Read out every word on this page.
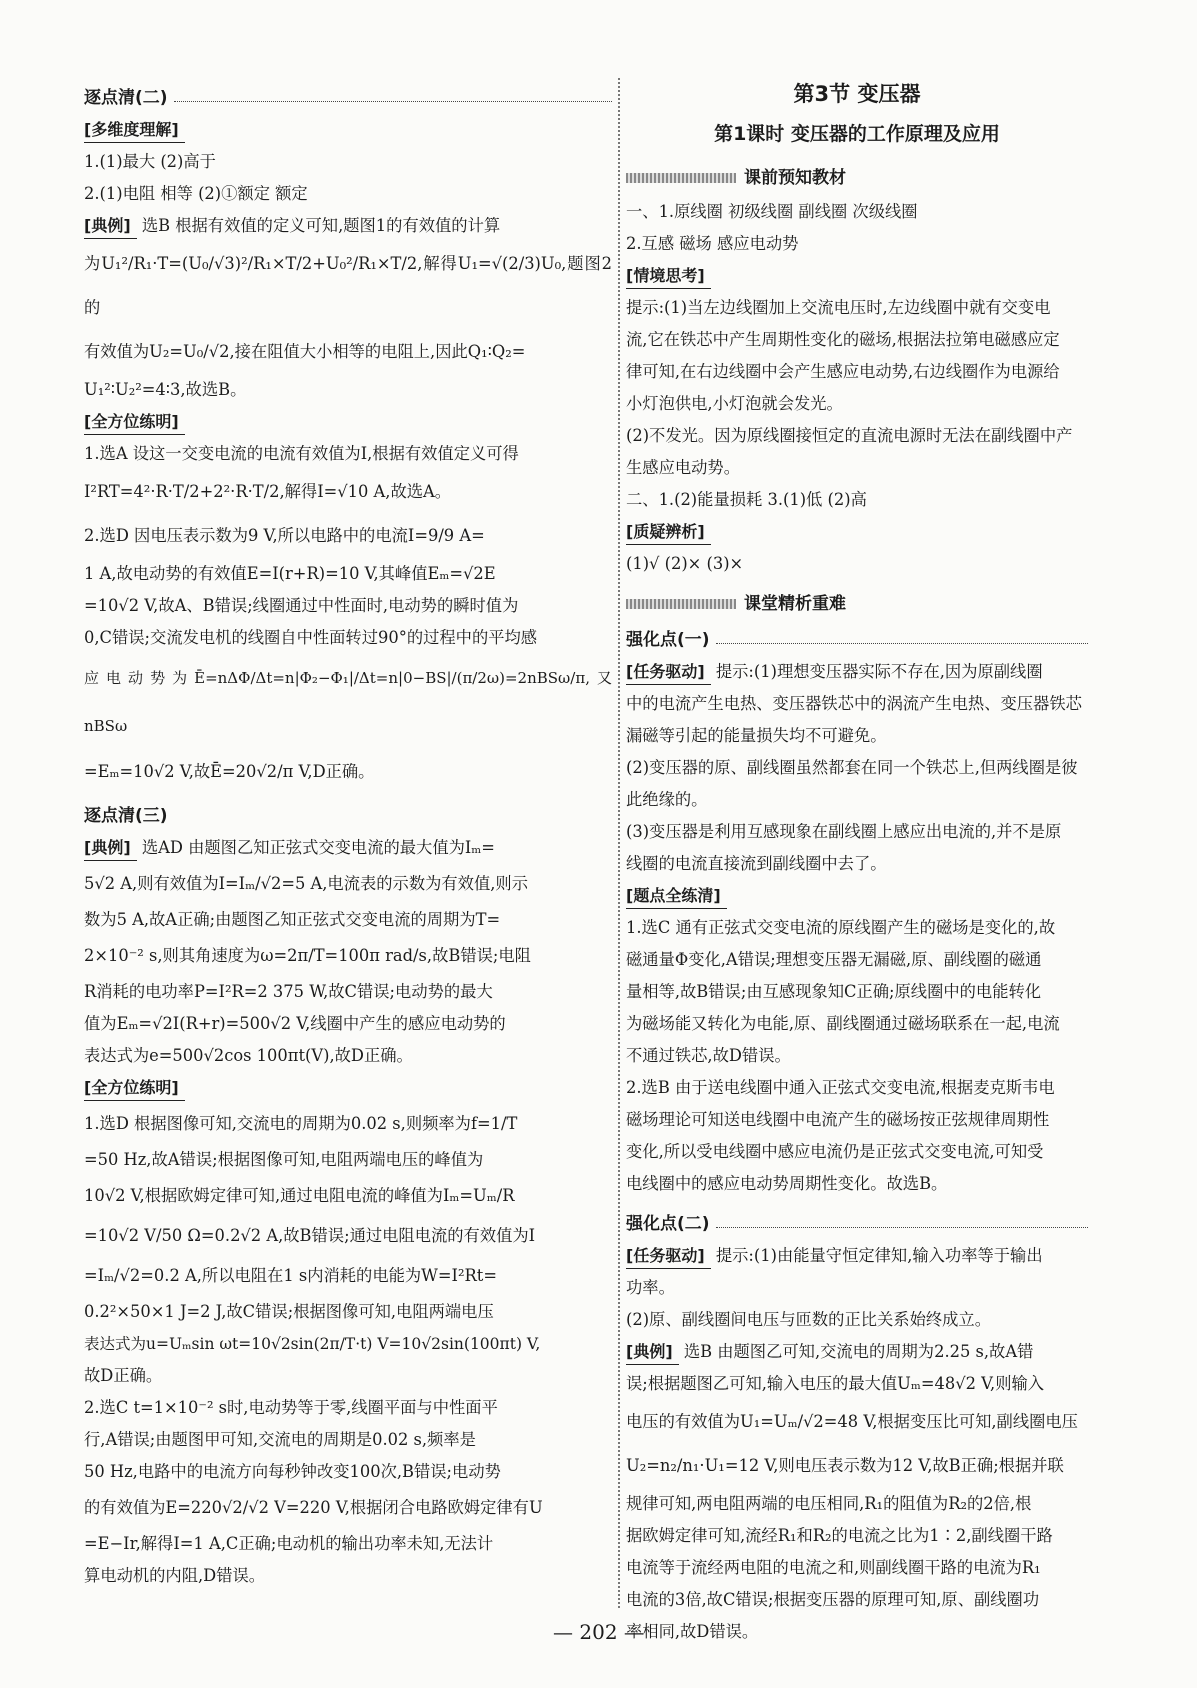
逐点清(二)
[ 多维度理解 ]

1.(1)最大 (2)高于

2.(1)电阻 相等 (2)①额定 额定

[ 典例 ] 选B 根据有效值的定义可知,题图1的有效值的计算

为U₁²/R₁·T=(U₀/√3)²/R₁×T/2+U₀²/R₁×T/2,解得U₁=√(2/3)U₀,题图2的

有效值为U₂=U₀/√2,接在阻值大小相等的电阻上,因此Q₁∶Q₂=

U₁²∶U₂²=4∶3,故选B。

[ 全方位练明 ]

1.选A 设这一交变电流的电流有效值为I,根据有效值定义可得

I²RT=4²·R·T/2+2²·R·T/2,解得I=√10 A,故选A。

2.选D 因电压表示数为9 V,所以电路中的电流I=9/9 A=

1 A,故电动势的有效值E=I(r+R)=10 V,其峰值Eₘ=√2E

=10√2 V,故A、B错误;线圈通过中性面时,电动势的瞬时值为

0,C错误;交流发电机的线圈自中性面转过90°的过程中的平均感

应电动势为Ē=nΔΦ/Δt=n|Φ₂−Φ₁|/Δt=n|0−BS|/(π/2ω)=2nBSω/π,又nBSω

=Eₘ=10√2 V,故Ē=20√2/π V,D正确。

逐点清(三)

[ 典例 ] 选AD 由题图乙知正弦式交变电流的最大值为Iₘ=

5√2 A,则有效值为I=Iₘ/√2=5 A,电流表的示数为有效值,则示

数为5 A,故A正确;由题图乙知正弦式交变电流的周期为T=

2×10⁻² s,则其角速度为ω=2π/T=100π rad/s,故B错误;电阻

R消耗的电功率P=I²R=2 375 W,故C错误;电动势的最大

值为Eₘ=√2I(R+r)=500√2 V,线圈中产生的感应电动势的

表达式为e=500√2cos 100πt(V),故D正确。

[ 全方位练明 ]

1.选D 根据图像可知,交流电的周期为0.02 s,则频率为f=1/T

=50 Hz,故A错误;根据图像可知,电阻两端电压的峰值为

10√2 V,根据欧姆定律可知,通过电阻电流的峰值为Iₘ=Uₘ/R

=10√2 V/50 Ω=0.2√2 A,故B错误;通过电阻电流的有效值为I

=Iₘ/√2=0.2 A,所以电阻在1 s内消耗的电能为W=I²Rt=

0.2²×50×1 J=2 J,故C错误;根据图像可知,电阻两端电压

表达式为u=Uₘsin ωt=10√2sin(2π/T·t) V=10√2sin(100πt) V,

故D正确。

2.选C t=1×10⁻² s时,电动势等于零,线圈平面与中性面平

行,A错误;由题图甲可知,交流电的周期是0.02 s,频率是

50 Hz,电路中的电流方向每秒钟改变100次,B错误;电动势

的有效值为E=220√2/√2 V=220 V,根据闭合电路欧姆定律有U

=E−Ir,解得I=1 A,C正确;电动机的输出功率未知,无法计

算电动机的内阻,D错误。

第3节 变压器
第1课时 变压器的工作原理及应用
课前预知教材

一、1.原线圈 初级线圈 副线圈 次级线圈

2.互感 磁场 感应电动势

[ 情境思考 ]

提示:(1)当左边线圈加上交流电压时,左边线圈中就有交变电

流,它在铁芯中产生周期性变化的磁场,根据法拉第电磁感应定

律可知,在右边线圈中会产生感应电动势,右边线圈作为电源给

小灯泡供电,小灯泡就会发光。

(2)不发光。因为原线圈接恒定的直流电源时无法在副线圈中产

生感应电动势。

二、1.(2)能量损耗 3.(1)低 (2)高

[ 质疑辨析 ]

(1)√ (2)× (3)×

课堂精析重难
强化点(一)

[ 任务驱动 ] 提示:(1)理想变压器实际不存在,因为原副线圈

中的电流产生电热、变压器铁芯中的涡流产生电热、变压器铁芯

漏磁等引起的能量损失均不可避免。

(2)变压器的原、副线圈虽然都套在同一个铁芯上,但两线圈是彼

此绝缘的。

(3)变压器是利用互感现象在副线圈上感应出电流的,并不是原

线圈的电流直接流到副线圈中去了。

[ 题点全练清 ]

1.选C 通有正弦式交变电流的原线圈产生的磁场是变化的,故

磁通量Φ变化,A错误;理想变压器无漏磁,原、副线圈的磁通

量相等,故B错误;由互感现象知C正确;原线圈中的电能转化

为磁场能又转化为电能,原、副线圈通过磁场联系在一起,电流

不通过铁芯,故D错误。

2.选B 由于送电线圈中通入正弦式交变电流,根据麦克斯韦电

磁场理论可知送电线圈中电流产生的磁场按正弦规律周期性

变化,所以受电线圈中感应电流仍是正弦式交变电流,可知受

电线圈中的感应电动势周期性变化。故选B。

强化点(二)

[ 任务驱动 ] 提示:(1)由能量守恒定律知,输入功率等于输出

功率。

(2)原、副线圈间电压与匝数的正比关系始终成立。

[ 典例 ] 选B 由题图乙可知,交流电的周期为2.25 s,故A错

误;根据题图乙可知,输入电压的最大值Uₘ=48√2 V,则输入

电压的有效值为U₁=Uₘ/√2=48 V,根据变压比可知,副线圈电压

U₂=n₂/n₁·U₁=12 V,则电压表示数为12 V,故B正确;根据并联

规律可知,两电阻两端的电压相同,R₁的阻值为R₂的2倍,根

据欧姆定律可知,流经R₁和R₂的电流之比为1∶2,副线圈干路

电流等于流经两电阻的电流之和,则副线圈干路的电流为R₁

电流的3倍,故C错误;根据变压器的原理可知,原、副线圈功

率相同,故D错误。

— 202 —
